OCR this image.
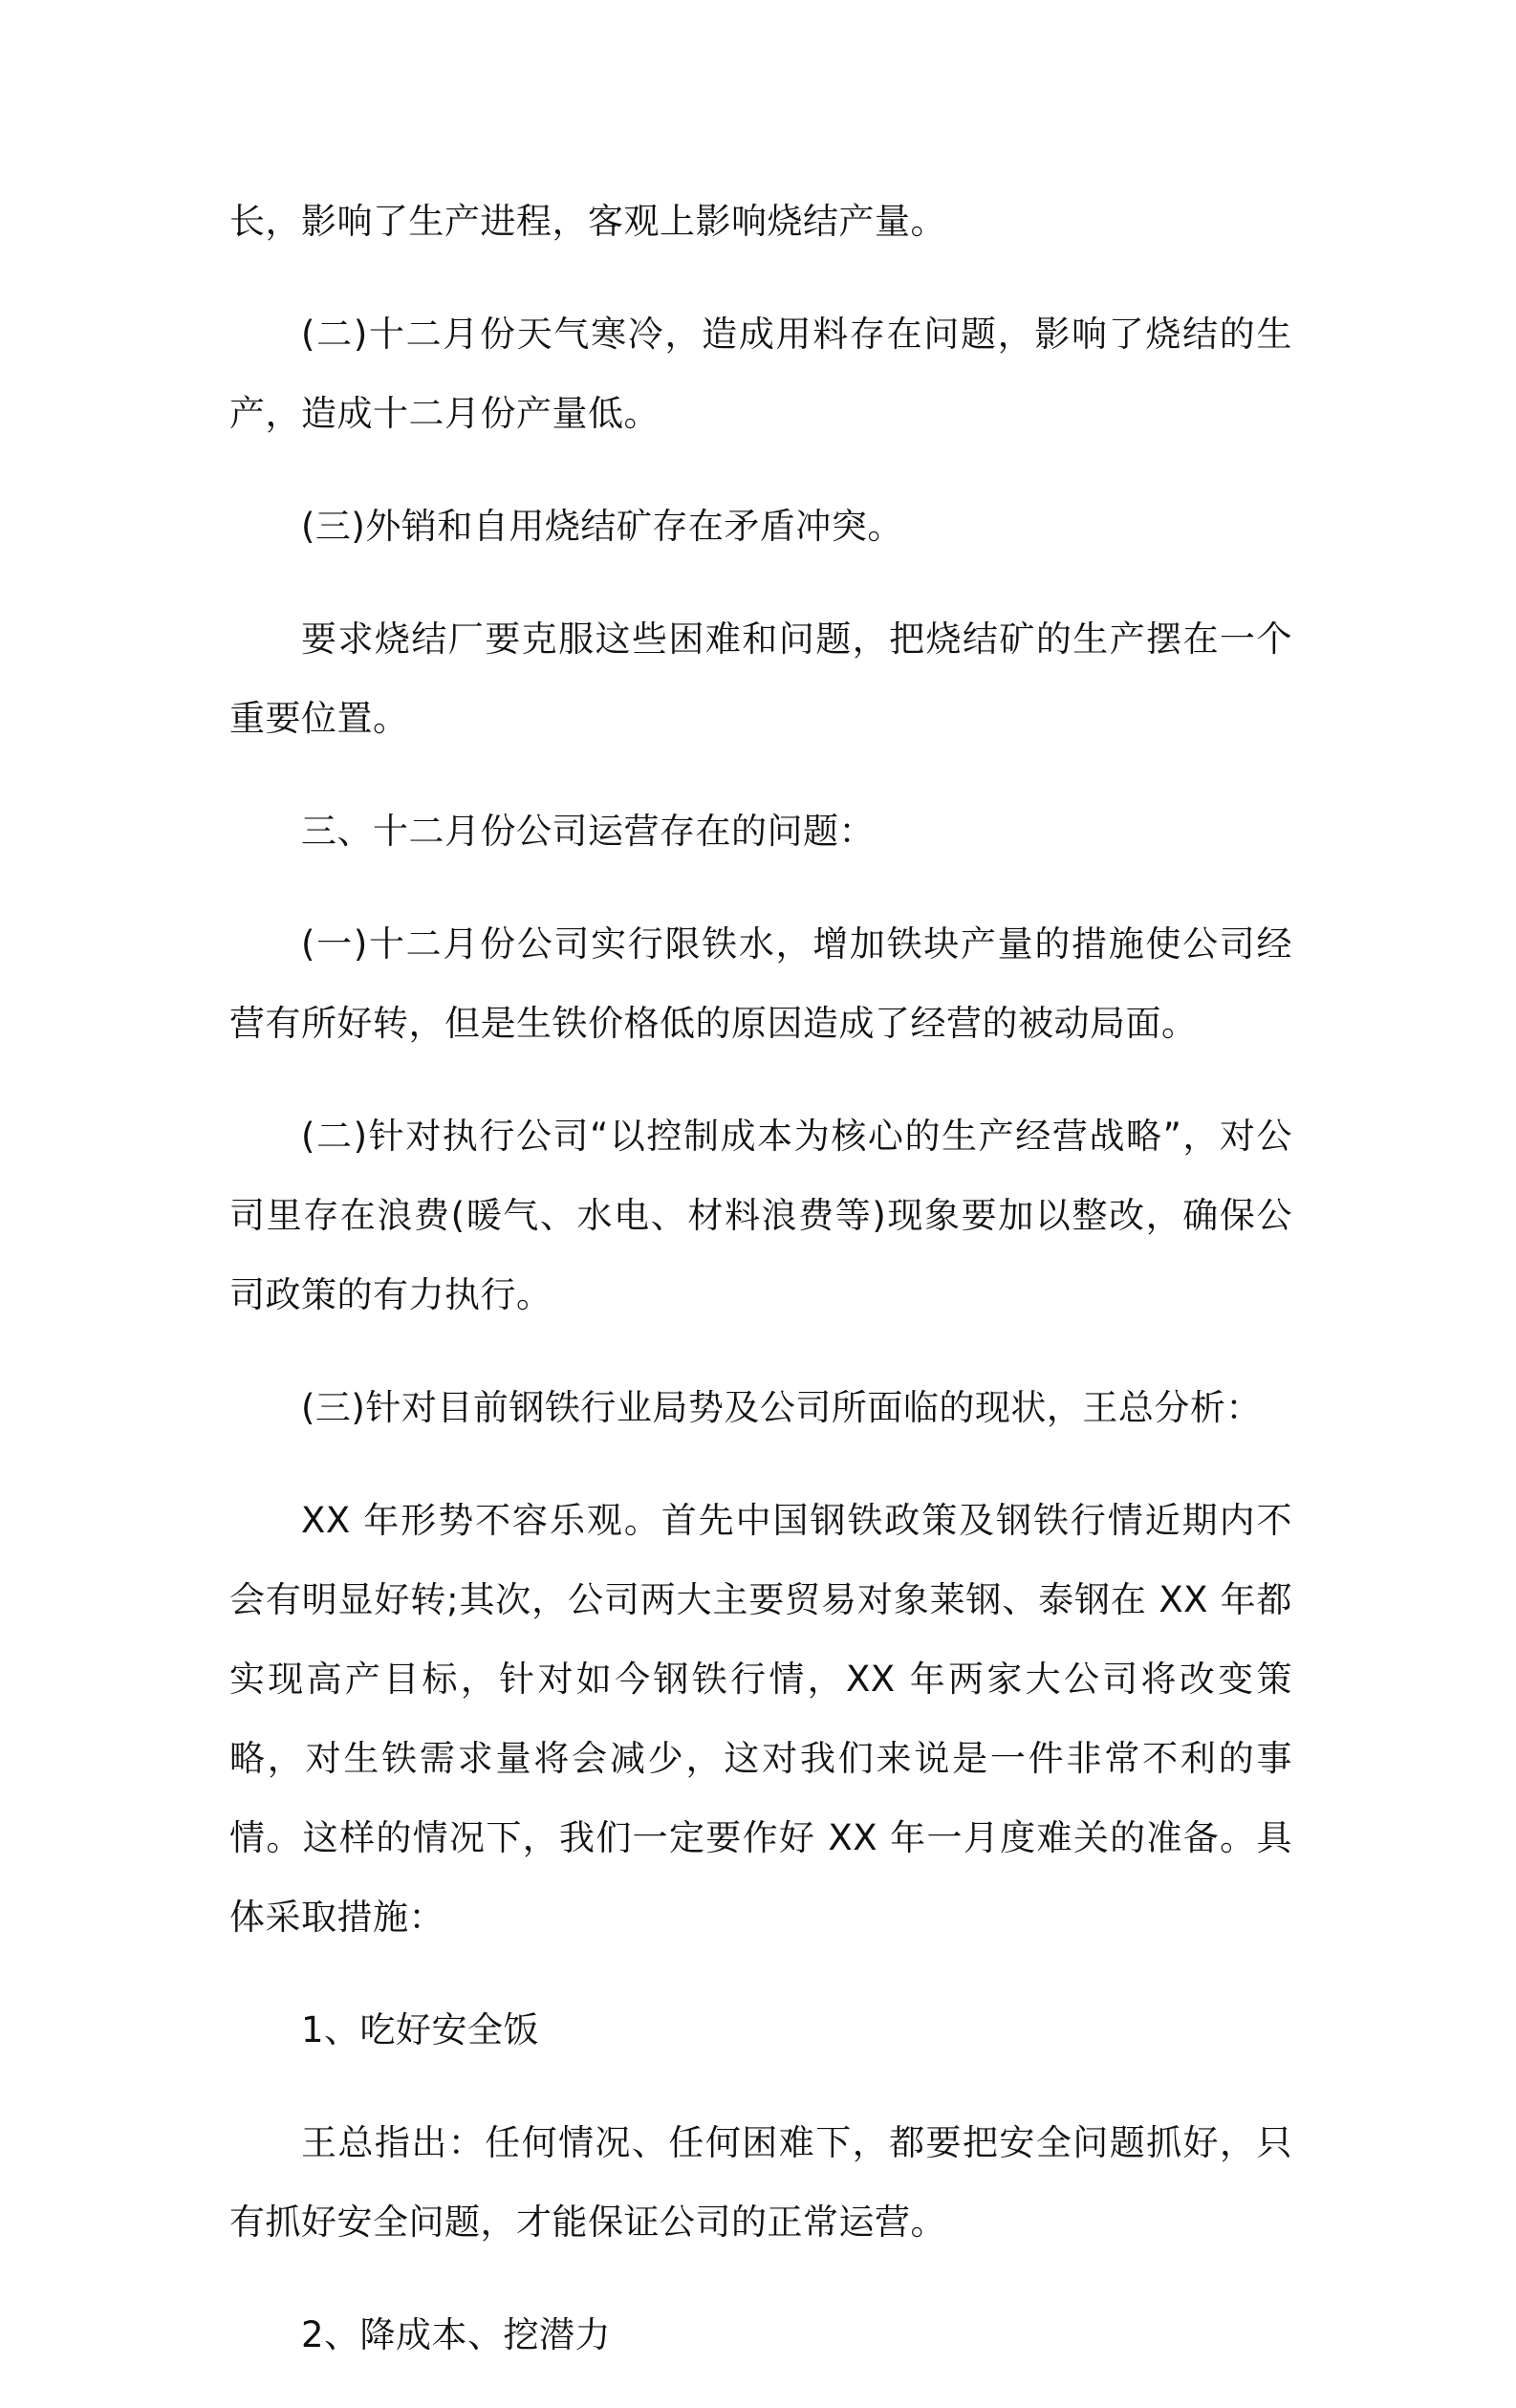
长，影响了生产进程，客观上影响烧结产量。

(二)十二月份天气寒冷，造成用料存在问题，影响了烧结的生产，造成十二月份产量低。

(三)外销和自用烧结矿存在矛盾冲突。

要求烧结厂要克服这些困难和问题，把烧结矿的生产摆在一个重要位置。

三、十二月份公司运营存在的问题：

(一)十二月份公司实行限铁水，增加铁块产量的措施使公司经营有所好转，但是生铁价格低的原因造成了经营的被动局面。

(二)针对执行公司“以控制成本为核心的生产经营战略”，对公司里存在浪费(暖气、水电、材料浪费等)现象要加以整改，确保公司政策的有力执行。

(三)针对目前钢铁行业局势及公司所面临的现状，王总分析：

XX 年形势不容乐观。首先中国钢铁政策及钢铁行情近期内不会有明显好转;其次，公司两大主要贸易对象莱钢、泰钢在 XX 年都实现高产目标，针对如今钢铁行情，XX 年两家大公司将改变策略，对生铁需求量将会减少，这对我们来说是一件非常不利的事情。这样的情况下，我们一定要作好 XX 年一月度难关的准备。具体采取措施：

1、吃好安全饭

王总指出：任何情况、任何困难下，都要把安全问题抓好，只有抓好安全问题，才能保证公司的正常运营。

2、降成本、挖潜力
